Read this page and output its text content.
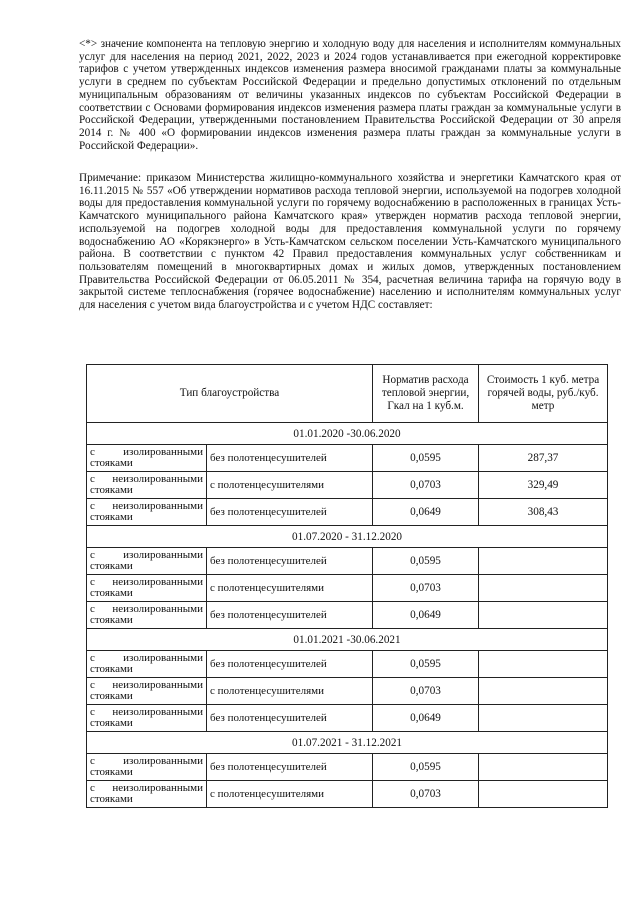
<*> значение компонента на тепловую энергию и холодную воду для населения и исполнителям коммунальных услуг для населения на период 2021, 2022, 2023 и 2024 годов устанавливается при ежегодной корректировке тарифов с учетом утвержденных индексов изменения размера вносимой гражданами платы за коммунальные услуги в среднем по субъектам Российской Федерации и предельно допустимых отклонений по отдельным муниципальным образованиям от величины указанных индексов по субъектам Российской Федерации в соответствии с Основами формирования индексов изменения размера платы граждан за коммунальные услуги в Российской Федерации, утвержденными постановлением Правительства Российской Федерации от 30 апреля 2014 г. № 400 «О формировании индексов изменения размера платы граждан за коммунальные услуги в Российской Федерации».
Примечание: приказом Министерства жилищно-коммунального хозяйства и энергетики Камчатского края от 16.11.2015 № 557 «Об утверждении нормативов расхода тепловой энергии, используемой на подогрев холодной воды для предоставления коммунальной услуги по горячему водоснабжению в расположенных в границах Усть-Камчатского муниципального района Камчатского края» утвержден норматив расхода тепловой энергии, используемой на подогрев холодной воды для предоставления коммунальной услуги по горячему водоснабжению АО «Корякэнерго» в Усть-Камчатском сельском поселении Усть-Камчатского муниципального района. В соответствии с пунктом 42 Правил предоставления коммунальных услуг собственникам и пользователям помещений в многоквартирных домах и жилых домов, утвержденных постановлением Правительства Российской Федерации от 06.05.2011 № 354, расчетная величина тарифа на горячую воду в закрытой системе теплоснабжения (горячее водоснабжение) населению и исполнителям коммунальных услуг для населения с учетом вида благоустройства и с учетом НДС составляет:
Тип благоустройства		Норматив расхода тепловой энергии, Гкал на 1 куб.м.	Стоимость 1 куб. метра горячей воды, руб./куб. метр
01.01.2020 -30.06.2020			
с изолированными стояками	без полотенцесушителей	0,0595	287,37
с неизолированными стояками	с полотенцесушителями	0,0703	329,49
с неизолированными стояками	без полотенцесушителей	0,0649	308,43
01.07.2020 - 31.12.2020			
с изолированными стояками	без полотенцесушителей	0,0595	
с неизолированными стояками	с полотенцесушителями	0,0703	
с неизолированными стояками	без полотенцесушителей	0,0649	
01.01.2021 -30.06.2021			
с изолированными стояками	без полотенцесушителей	0,0595	
с неизолированными стояками	с полотенцесушителями	0,0703	
с неизолированными стояками	без полотенцесушителей	0,0649	
01.07.2021 - 31.12.2021			
с изолированными стояками	без полотенцесушителей	0,0595	
с неизолированными стояками	с полотенцесушителями	0,0703	
